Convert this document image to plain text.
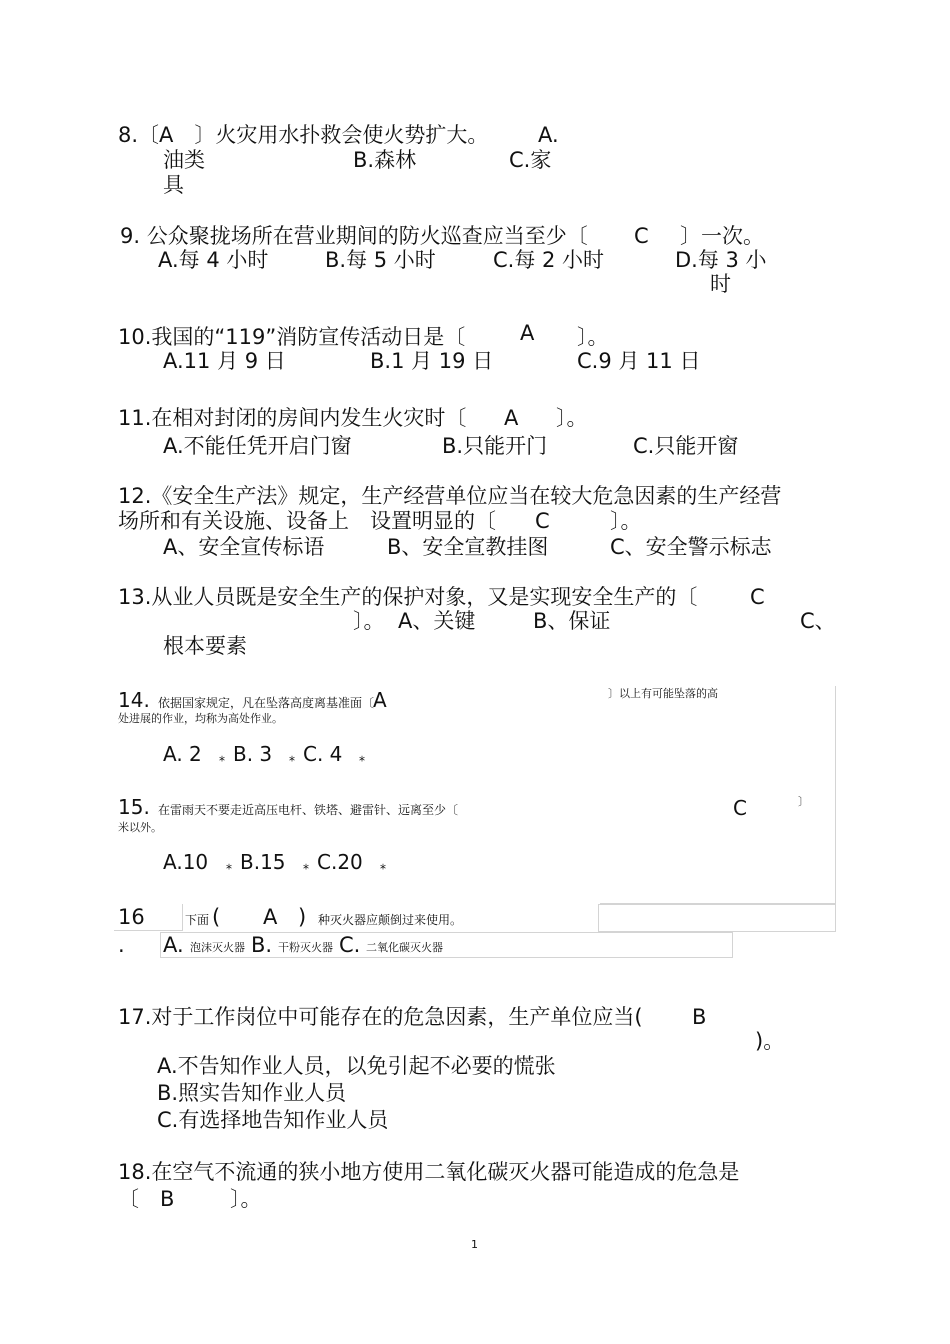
8.〔A　〕火灾用水扑救会使火势扩大。 A.
油类	B.森林	C.家
具
9. 公众聚拢场所在营业期间的防火巡查应当至少〔 C 〕一次。
A.每 4 小时	B.每 5 小时	C.每 2 小时	D.每 3 小
时
10.我国的“119”消防宣传活动日是〔	A 〕。
A.11 月 9 日	B.1 月 19 日	C.9 月 11 日
11.在相对封闭的房间内发生火灾时〔 A 〕。
A.不能任凭开启门窗	B.只能开门	C.只能开窗
12.《安全生产法》规定，生产经营单位应当在较大危急因素的生产经营
场所和有关设施、设备上　设置明显的〔 C	〕。
A、安全宣传标语	B、安全宣教挂图	C、安全警示标志
13.从业人员既是安全生产的保护对象，又是实现安全生产的〔	C
〕。 A、关键	B、保证	C、
根本要素
14. 依据国家规定，凡在坠落高度离基准面〔
A	〕以上有可能坠落的高
处进展的作业，均称为高处作业。
A. 2 ⁎ B. 3 ⁎ C. 4 ⁎
15. 在雷雨天不要走近高压电杆、铁塔、避雷针、远离至少〔	C	〕
米以外。
A.10 ⁎ B.15 ⁎ C.20 ⁎
16
.
下面 ( A ) 种灭火器应颠倒过来使用。
A. 泡沫灭火器 B. 干粉灭火器 C. 二氧化碳灭火器
17.对于工作岗位中可能存在的危急因素，生产单位应当( B
)。
A.不告知作业人员，以免引起不必要的慌张
B.照实告知作业人员
C.有选择地告知作业人员
18.在空气不流通的狭小地方使用二氧化碳灭火器可能造成的危急是
〔 B	〕。
1
